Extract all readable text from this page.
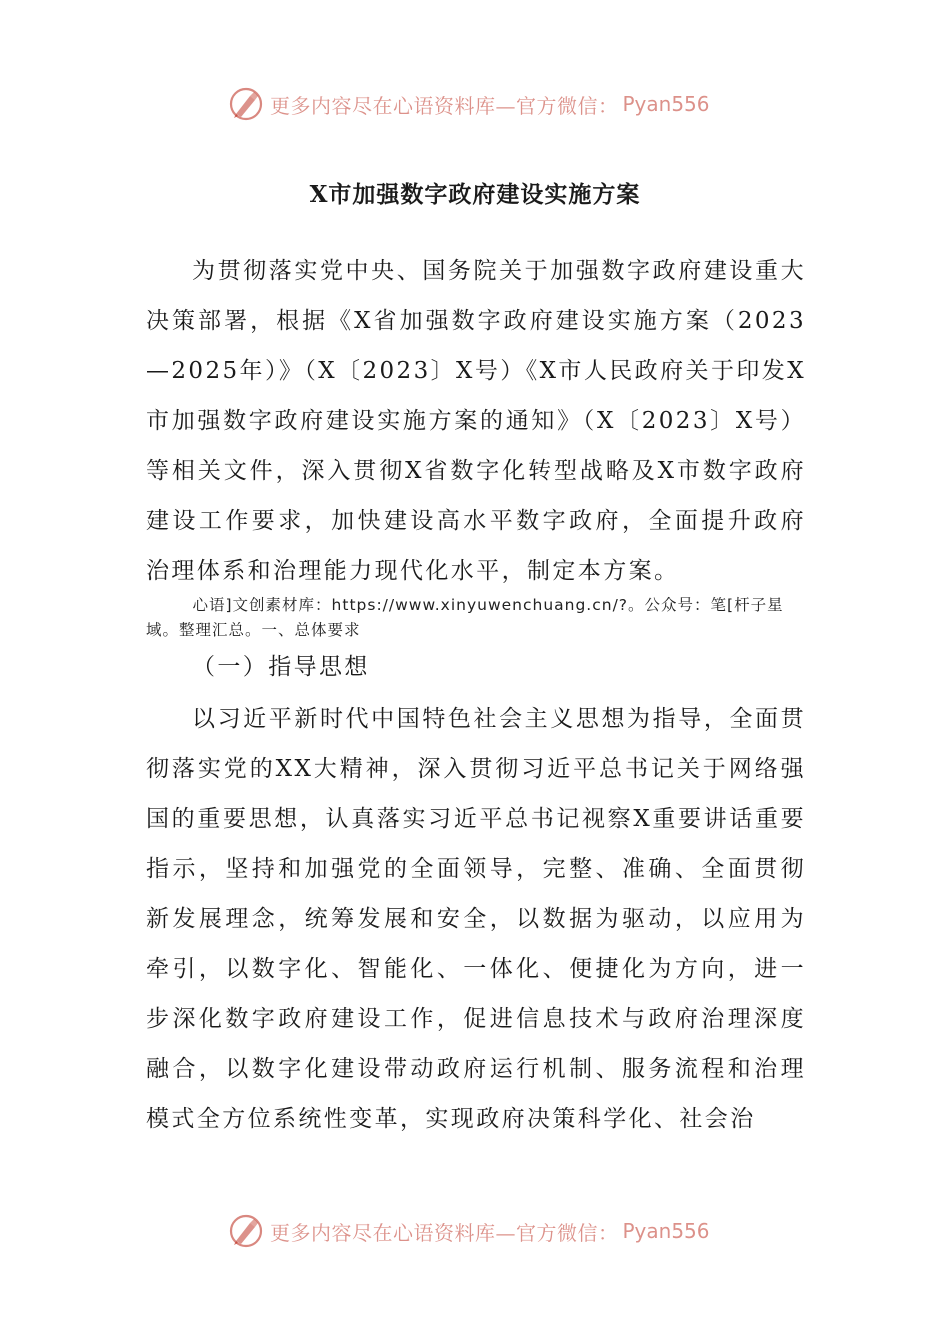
更多内容尽在心语资料库—官方微信： Pyan556
X市加强数字政府建设实施方案

为贯彻落实党中央、国务院关于加强数字政府建设重大决策部署，根据《X省加强数字政府建设实施方案（2023—2025年）》（X〔2023〕X号）《X市人民政府关于印发X市加强数字政府建设实施方案的通知》（X〔2023〕X号）等相关文件，深入贯彻X省数字化转型战略及X市数字政府建设工作要求，加快建设高水平数字政府，全面提升政府治理体系和治理能力现代化水平，制定本方案。

心语]文创素材库：https://www.xinyuwenchuang.cn/?。公众号：笔[杆子星域。整理汇总。一、总体要求
（一）指导思想

以习近平新时代中国特色社会主义思想为指导，全面贯彻落实党的XX大精神，深入贯彻习近平总书记关于网络强国的重要思想，认真落实习近平总书记视察X重要讲话重要指示，坚持和加强党的全面领导，完整、准确、全面贯彻新发展理念，统筹发展和安全，以数据为驱动，以应用为牵引，以数字化、智能化、一体化、便捷化为方向，进一步深化数字政府建设工作，促进信息技术与政府治理深度融合，以数字化建设带动政府运行机制、服务流程和治理模式全方位系统性变革，实现政府决策科学化、社会治

更多内容尽在心语资料库—官方微信： Pyan556
